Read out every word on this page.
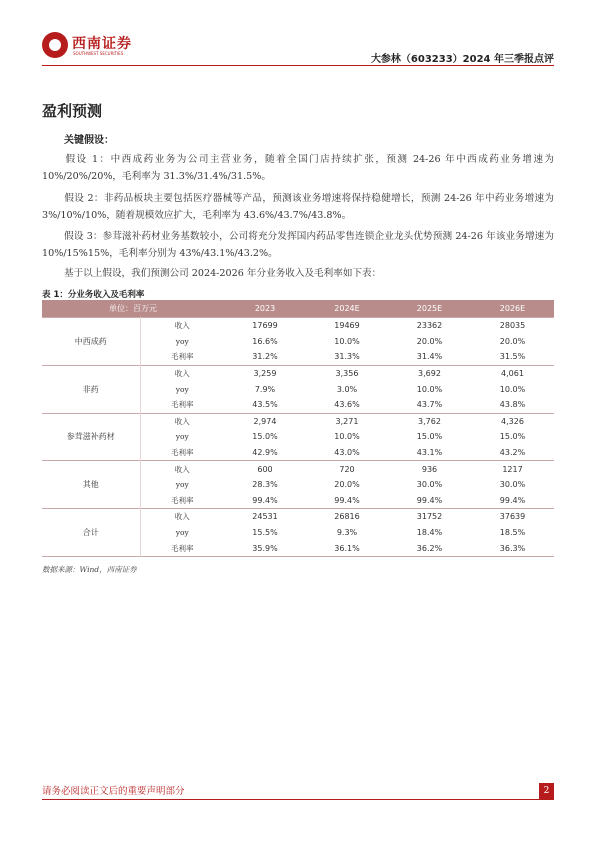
西南证券
SOUTHWEST SECURITIES
大参林（603233）2024 年三季报点评
盈利预测
关键假设：

假设 1：中西成药业务为公司主营业务，随着全国门店持续扩张，预测 24-26 年中西成药业务增速为 10%/20%/20%，毛利率为 31.3%/31.4%/31.5%。

假设 2：非药品板块主要包括医疗器械等产品，预测该业务增速将保持稳健增长，预测 24-26 年中药业务增速为 3%/10%/10%，随着规模效应扩大，毛利率为 43.6%/43.7%/43.8%。

假设 3：参茸滋补药材业务基数较小，公司将充分发挥国内药品零售连锁企业龙头优势预测 24-26 年该业务增速为 10%/15%15%，毛利率分别为 43%/43.1%/43.2%。

基于以上假设，我们预测公司 2024-2026 年分业务收入及毛利率如下表：

表 1：分业务收入及毛利率
单位：百万元		2023	2024E	2025E	2026E
中西成药	收入	17699	19469	23362	28035
	yoy	16.6%	10.0%	20.0%	20.0%
	毛利率	31.2%	31.3%	31.4%	31.5%
非药	收入	3,259	3,356	3,692	4,061
	yoy	7.9%	3.0%	10.0%	10.0%
	毛利率	43.5%	43.6%	43.7%	43.8%
参茸滋补药材	收入	2,974	3,271	3,762	4,326
	yoy	15.0%	10.0%	15.0%	15.0%
	毛利率	42.9%	43.0%	43.1%	43.2%
其他	收入	600	720	936	1217
	yoy	28.3%	20.0%	30.0%	30.0%
	毛利率	99.4%	99.4%	99.4%	99.4%
合计	收入	24531	26816	31752	37639
	yoy	15.5%	9.3%	18.4%	18.5%
	毛利率	35.9%	36.1%	36.2%	36.3%
数据来源：Wind，西南证券
请务必阅读正文后的重要声明部分	2
